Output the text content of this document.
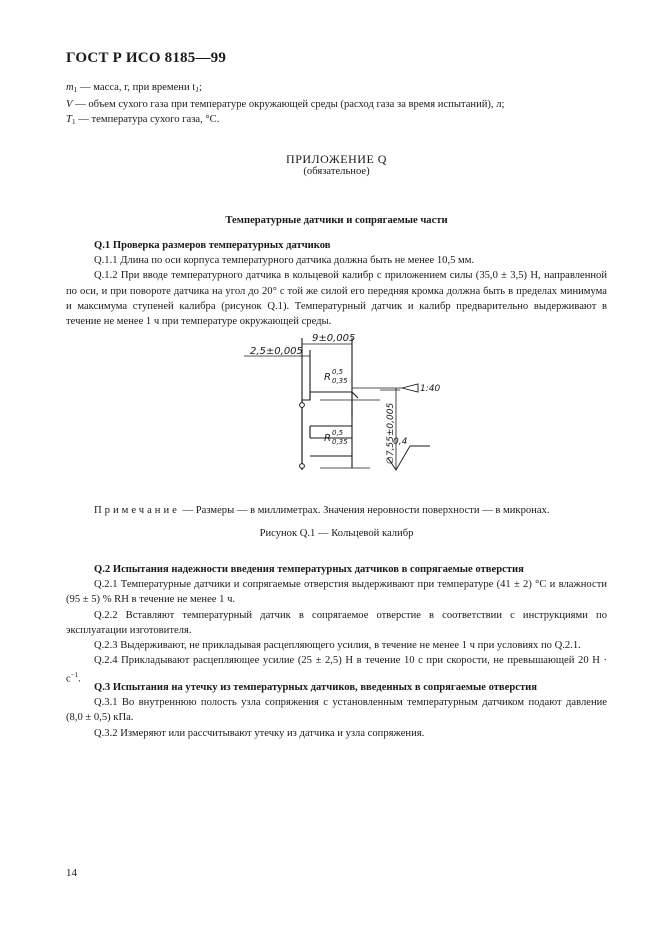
ГОСТ Р ИСО 8185—99
$m_1$ — масса, г, при времени $t_1$;
V — объем сухого газа при температуре окружающей среды (расход газа за время испытаний), л;
$T_1$ — температура сухого газа, °С.
ПРИЛОЖЕНИЕ Q
(обязательное)
Температурные датчики и сопрягаемые части
Q.1 Проверка размеров температурных датчиков
Q.1.1 Длина по оси корпуса температурного датчика должна быть не менее 10,5 мм.
Q.1.2 При вводе температурного датчика в кольцевой калибр с приложением силы (35,0 ± 3,5) Н, направленной по оси, и при повороте датчика на угол до 20° с той же силой его передняя кромка должна быть в пределах минимума и максимума ступеней калибра (рисунок Q.1). Температурный датчик и калибр предварительно выдерживают в течение не менее 1 ч при температуре окружающей среды.
9±0,005
2,5±0,005
R 0,5
0,35
R 0,5
0,35
1:40
∅7,55±0,005
0,4
Примечание — Размеры — в миллиметрах. Значения неровности поверхности — в микронах.
Рисунок Q.1 — Кольцевой калибр
Q.2 Испытания надежности введения температурных датчиков в сопрягаемые отверстия
Q.2.1 Температурные датчики и сопрягаемые отверстия выдерживают при температуре (41 ± 2) °С и влажности (95 ± 5) % RH в течение не менее 1 ч.
Q.2.2 Вставляют температурный датчик в сопрягаемое отверстие в соответствии с инструкциями по эксплуатации изготовителя.
Q.2.3 Выдерживают, не прикладывая расцепляющего усилия, в течение не менее 1 ч при условиях по Q.2.1.
Q.2.4 Прикладывают расцепляющее усилие (25 ± 2,5) Н в течение 10 с при скорости, не превышающей 20 $Н \cdot с^{-1}$.
Q.3 Испытания на утечку из температурных датчиков, введенных в сопрягаемые отверстия
Q.3.1 Во внутреннюю полость узла сопряжения с установленным температурным датчиком подают давление (8,0 ± 0,5) кПа.
Q.3.2 Измеряют или рассчитывают утечку из датчика и узла сопряжения.
14
